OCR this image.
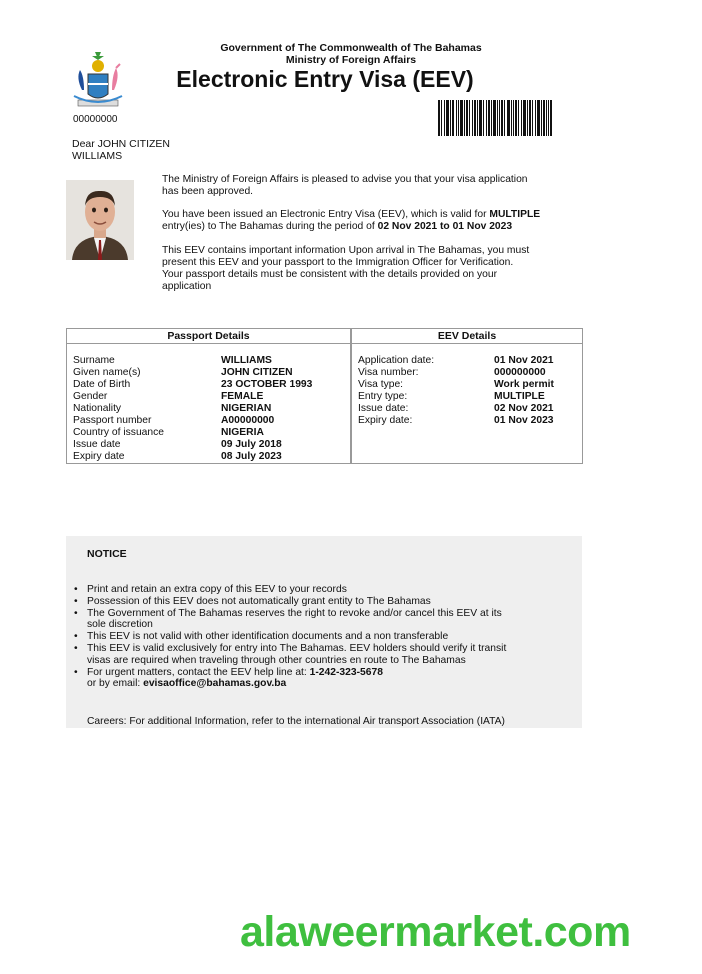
Government of The Commonwealth of The Bahamas
Ministry of Foreign Affairs
Electronic Entry Visa (EEV)
00000000
Dear JOHN CITIZEN
WILLIAMS
The Ministry of Foreign Affairs is pleased to advise you that your visa application
has been approved.
You have been issued an Electronic Entry Visa (EEV), which is valid for MULTIPLE
entry(ies) to The Bahamas during the period of 02 Nov 2021 to 01 Nov 2023
This EEV contains important information Upon arrival in The Bahamas, you must
present this EEV and your passport to the Immigration Officer for Verification.
Your passport details must be consistent with the details provided on your
application
Passport Details
Surname	WILLIAMS
Given name(s)	JOHN CITIZEN
Date of Birth	23 OCTOBER 1993
Gender	FEMALE
Nationality	NIGERIAN
Passport number	A00000000
Country of issuance	NIGERIA
Issue date	09 July 2018
Expiry date	08 July 2023
EEV Details
Application date:	01 Nov 2021
Visa number:	000000000
Visa type:	Work permit
Entry type:	MULTIPLE
Issue date:	02 Nov 2021
Expiry date:	01 Nov 2023
NOTICE
• Print and retain an extra copy of this EEV to your records
• Possession of this EEV does not automatically grant entity to The Bahamas
• The Government of The Bahamas reserves the right to revoke and/or cancel this EEV at its
sole discretion
• This EEV is not valid with other identification documents and a non transferable
• This EEV is valid exclusively for entry into The Bahamas. EEV holders should verify it transit
visas are required when traveling through other countries en route to The Bahamas
• For urgent matters, contact the EEV help line at: 1-242-323-5678
or by email: evisaoffice@bahamas.gov.ba
Careers: For additional Information, refer to the international Air transport Association (IATA)
alaweermarket.com
